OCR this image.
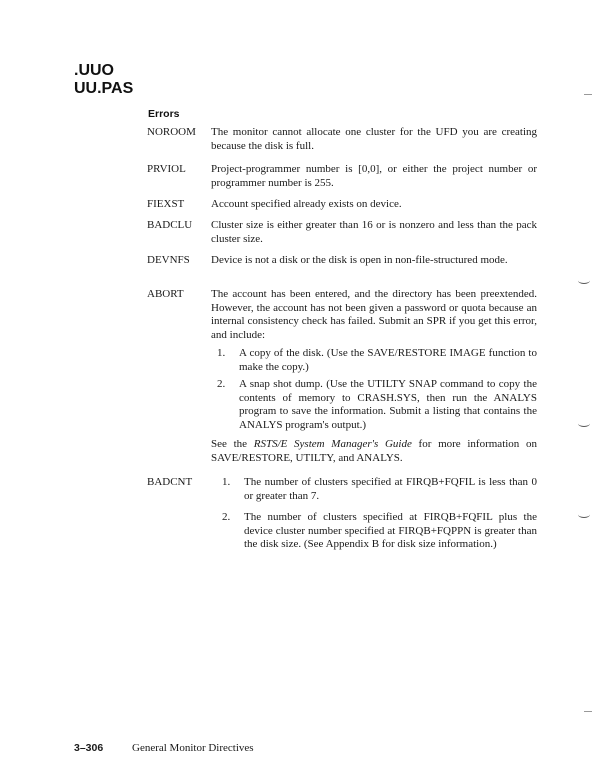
.UUO
UU.PAS
Errors
NOROOM The monitor cannot allocate one cluster for the UFD you are creating because the disk is full.
PRVIOL Project-programmer number is [0,0], or either the project number or programmer number is 255.
FIEXST Account specified already exists on device.
BADCLU Cluster size is either greater than 16 or is nonzero and less than the pack cluster size.
DEVNFS Device is not a disk or the disk is open in non-file-structured mode.
ABORT The account has been entered, and the directory has been preextended. However, the account has not been given a password or quota because an internal consistency check has failed. Submit an SPR if you get this error, and include:
1. A copy of the disk. (Use the SAVE/RESTORE IMAGE function to make the copy.)
2. A snap shot dump. (Use the UTILTY SNAP command to copy the contents of memory to CRASH.SYS, then run the ANALYS program to save the information. Submit a listing that contains the ANALYS program's output.)
See the RSTS/E System Manager's Guide for more information on SAVE/RESTORE, UTILTY, and ANALYS.
BADCNT	1. The number of clusters specified at FIRQB+FQFIL is less than 0 or greater than 7.
2. The number of clusters specified at FIRQB+FQFIL plus the device cluster number specified at FIRQB+FQPPN is greater than the disk size. (See Appendix B for disk size information.)
3–306	General Monitor Directives
